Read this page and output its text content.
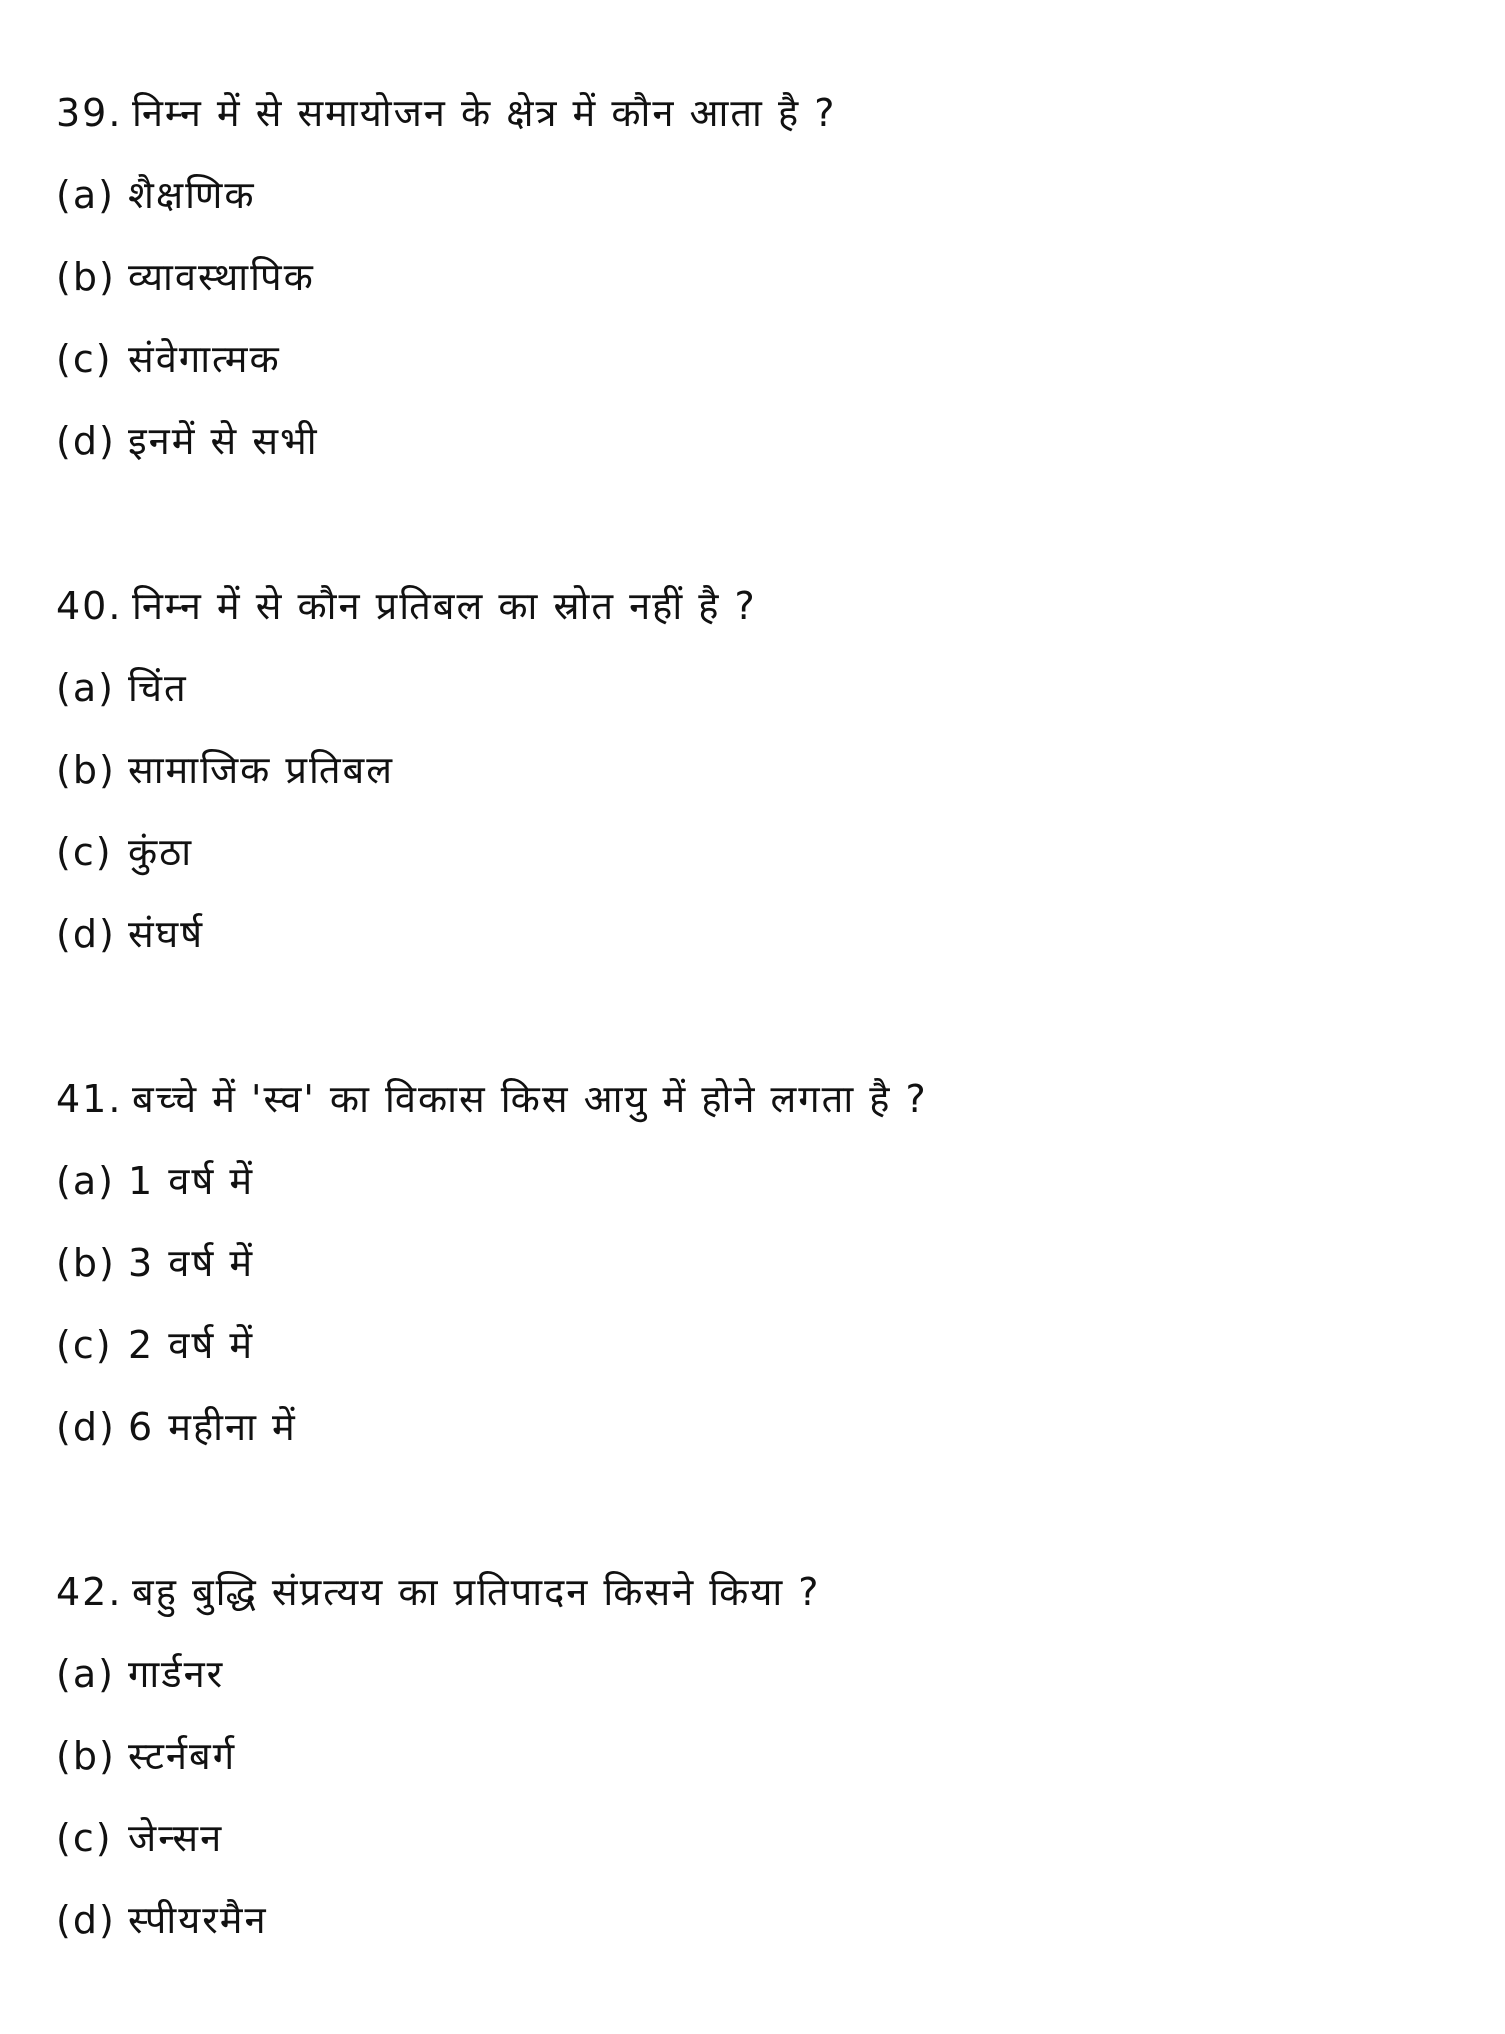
39. निम्न में से समायोजन के क्षेत्र में कौन आता है ?
(a) शैक्षणिक
(b) व्यावस्थापिक
(c) संवेगात्मक
(d) इनमें से सभी
40. निम्न में से कौन प्रतिबल का स्रोत नहीं है ?
(a) चिंत
(b) सामाजिक प्रतिबल
(c) कुंठा
(d) संघर्ष
41. बच्चे में 'स्व' का विकास किस आयु में होने लगता है ?
(a) 1 वर्ष में
(b) 3 वर्ष में
(c) 2 वर्ष में
(d) 6 महीना में
42. बहु बुद्धि संप्रत्यय का प्रतिपादन किसने किया ?
(a) गार्डनर
(b) स्टर्नबर्ग
(c) जेन्सन
(d) स्पीयरमैन
